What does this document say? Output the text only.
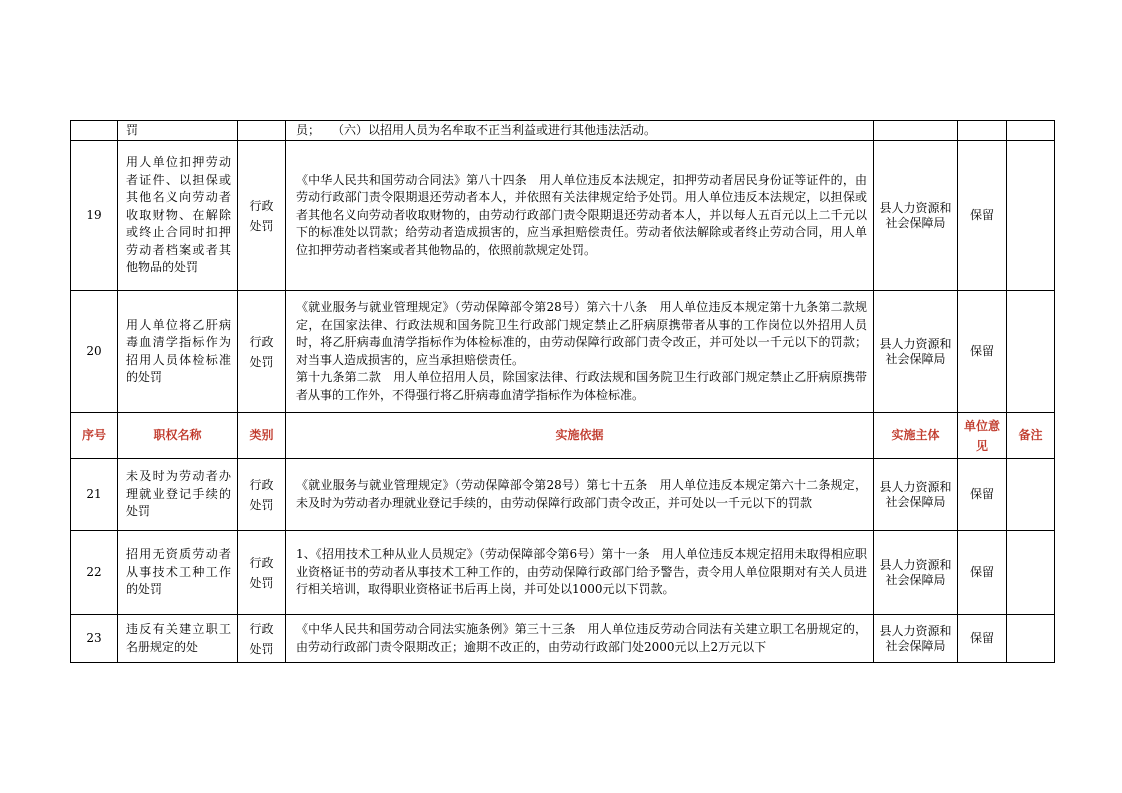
	罚		员；　　（六）以招用人员为名牟取不正当利益或进行其他违法活动。			

19	用人单位扣押劳动者证件、以担保或其他名义向劳动者收取财物、在解除或终止合同时扣押劳动者档案或者其他物品的处罚	行政处罚	《中华人民共和国劳动合同法》第八十四条　用人单位违反本法规定，扣押劳动者居民身份证等证件的，由劳动行政部门责令限期退还劳动者本人，并依照有关法律规定给予处罚。用人单位违反本法规定，以担保或者其他名义向劳动者收取财物的，由劳动行政部门责令限期退还劳动者本人，并以每人五百元以上二千元以下的标准处以罚款；给劳动者造成损害的，应当承担赔偿责任。劳动者依法解除或者终止劳动合同，用人单位扣押劳动者档案或者其他物品的，依照前款规定处罚。	县人力资源和社会保障局	保留	
20	用人单位将乙肝病毒血清学指标作为招用人员体检标准的处罚	行政处罚	《就业服务与就业管理规定》（劳动保障部令第28号）第六十八条　用人单位违反本规定第十九条第二款规定，在国家法律、行政法规和国务院卫生行政部门规定禁止乙肝病原携带者从事的工作岗位以外招用人员时，将乙肝病毒血清学指标作为体检标准的，由劳动保障行政部门责令改正，并可处以一千元以下的罚款；对当事人造成损害的，应当承担赔偿责任。
第十九条第二款　用人单位招用人员，除国家法律、行政法规和国务院卫生行政部门规定禁止乙肝病原携带者从事的工作外，不得强行将乙肝病毒血清学指标作为体检标准。	县人力资源和社会保障局	保留	
序号	职权名称	类别	实施依据	实施主体	单位意见	备注
21	未及时为劳动者办理就业登记手续的处罚	行政处罚	《就业服务与就业管理规定》（劳动保障部令第28号）第七十五条　用人单位违反本规定第六十二条规定，未及时为劳动者办理就业登记手续的，由劳动保障行政部门责令改正，并可处以一千元以下的罚款	县人力资源和社会保障局	保留	
22	招用无资质劳动者从事技术工种工作的处罚	行政处罚	1、《招用技术工种从业人员规定》（劳动保障部令第6号）第十一条　用人单位违反本规定招用未取得相应职业资格证书的劳动者从事技术工种工作的，由劳动保障行政部门给予警告，责令用人单位限期对有关人员进行相关培训，取得职业资格证书后再上岗，并可处以1000元以下罚款。	县人力资源和社会保障局	保留	
23	违反有关建立职工名册规定的处	行政处罚	《中华人民共和国劳动合同法实施条例》第三十三条　用人单位违反劳动合同法有关建立职工名册规定的，由劳动行政部门责令限期改正；逾期不改正的，由劳动行政部门处2000元以上2万元以下	县人力资源和社会保障局	保留	
